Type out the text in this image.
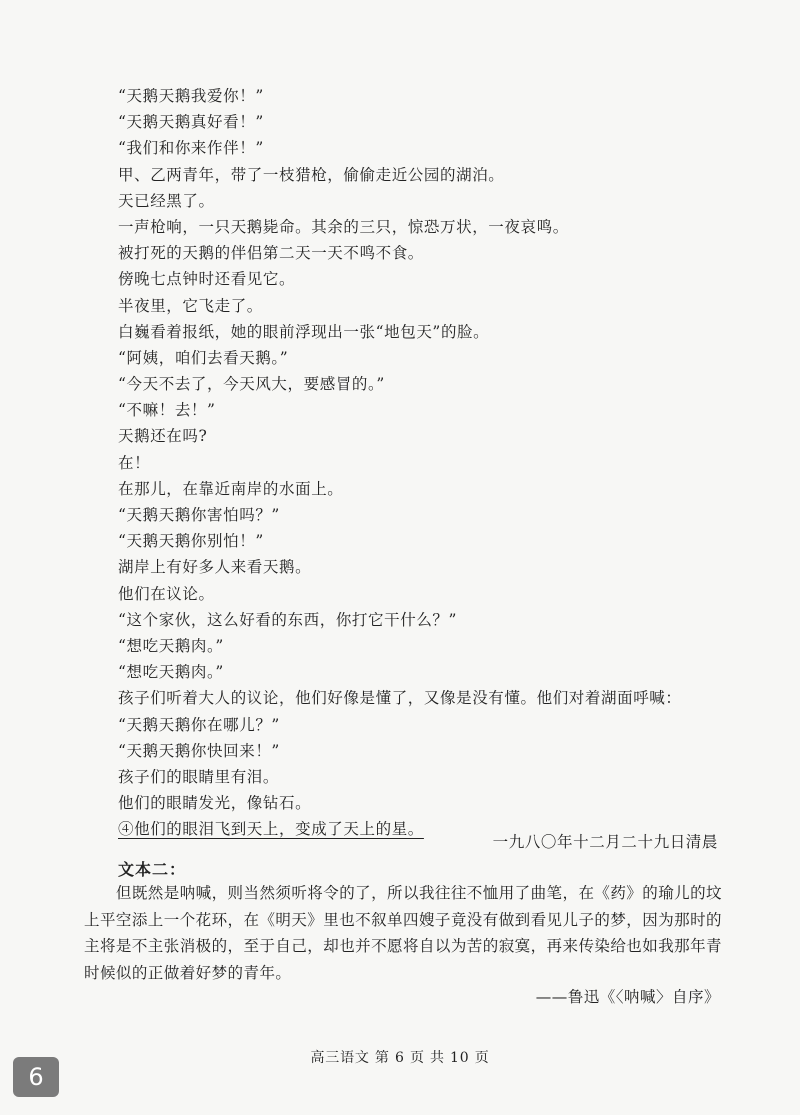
“天鹅天鹅我爱你！”
“天鹅天鹅真好看！”
“我们和你来作伴！”
甲、乙两青年，带了一枝猎枪，偷偷走近公园的湖泊。
天已经黑了。
一声枪响，一只天鹅毙命。其余的三只，惊恐万状，一夜哀鸣。
被打死的天鹅的伴侣第二天一天不鸣不食。
傍晚七点钟时还看见它。
半夜里，它飞走了。
白巍看着报纸，她的眼前浮现出一张“地包天”的脸。
“阿姨，咱们去看天鹅。”
“今天不去了，今天风大，要感冒的。”
“不嘛！去！”
天鹅还在吗?
在！
在那儿，在靠近南岸的水面上。
“天鹅天鹅你害怕吗？”
“天鹅天鹅你别怕！”
湖岸上有好多人来看天鹅。
他们在议论。
“这个家伙，这么好看的东西，你打它干什么？”
“想吃天鹅肉。”
“想吃天鹅肉。”
孩子们听着大人的议论，他们好像是懂了，又像是没有懂。他们对着湖面呼喊：
“天鹅天鹅你在哪儿？”
“天鹅天鹅你快回来！”
孩子们的眼睛里有泪。
他们的眼睛发光，像钻石。
④他们的眼泪飞到天上，变成了天上的星。
一九八〇年十二月二十九日清晨
文本二：
　　但既然是呐喊，则当然须听将令的了，所以我往往不恤用了曲笔，在《药》的瑜儿的坟
上平空添上一个花环，在《明天》里也不叙单四嫂子竟没有做到看见儿子的梦，因为那时的
主将是不主张消极的，至于自己，却也并不愿将自以为苦的寂寞，再来传染给也如我那年青
时候似的正做着好梦的青年。
——鲁迅《〈呐喊〉自序》
高三语文 第 6 页 共 10 页
6
